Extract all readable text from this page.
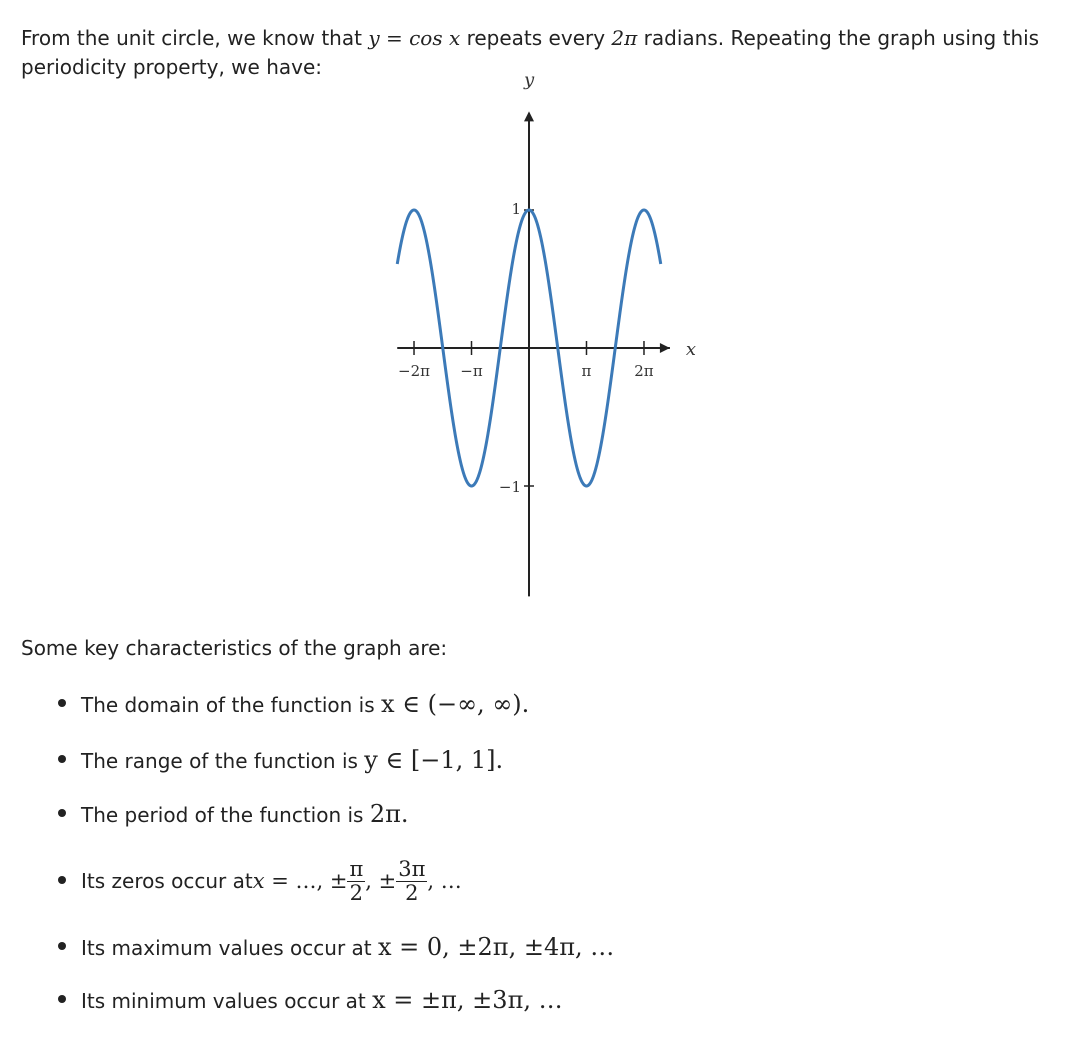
From the unit circle, we know that y = cos x repeats every 2π radians. Repeating the graph using this periodicity property, we have:
x
y
−2π −π	π	2π
1
−1
Some key characteristics of the graph are:
The domain of the function is x ∈ (−∞, ∞).
The range of the function is y ∈ [−1, 1].
The period of the function is 2π.
Its zeros occur at x = …, ± $\frac{\pi}{2}$ , ± $\frac{3\pi}{2}$ , …
Its maximum values occur at x = 0, ±2π, ±4π, …
Its minimum values occur at x = ±π, ±3π, …
